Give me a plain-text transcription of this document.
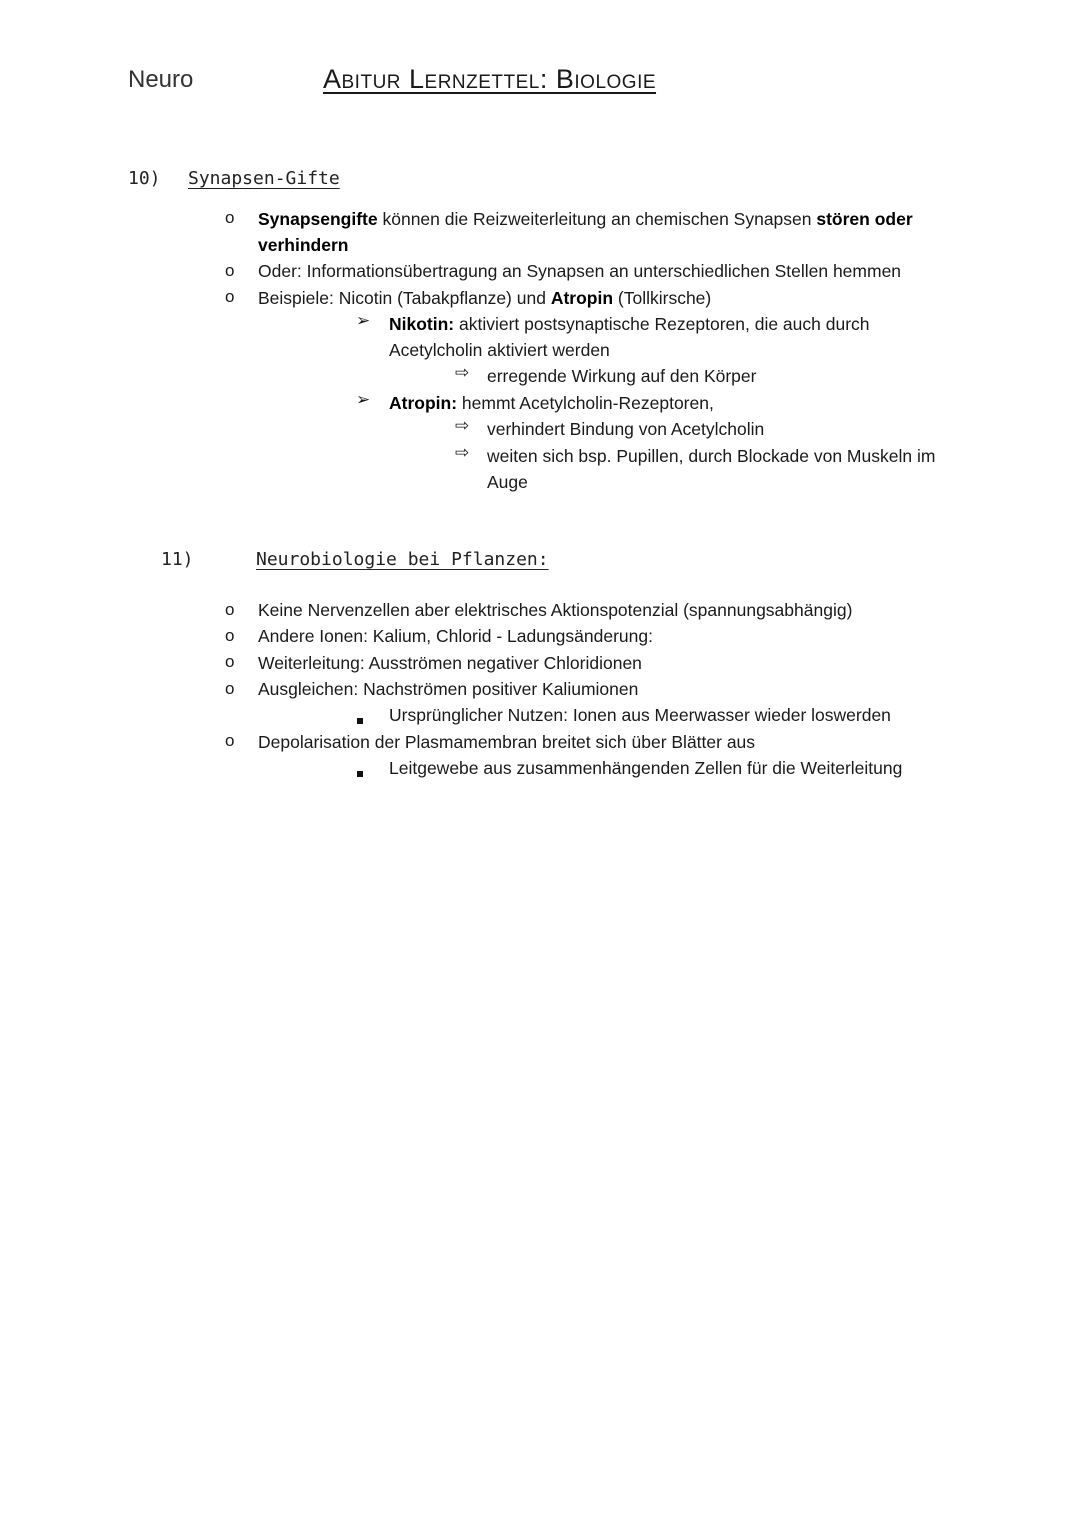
Neuro	Abitur Lernzettel: Biologie
10) Synapsen-Gifte
o Synapsengifte können die Reizweiterleitung an chemischen Synapsen stören oder
verhindern
o Oder: Informationsübertragung an Synapsen an unterschiedlichen Stellen hemmen
o Beispiele: Nicotin (Tabakpflanze) und Atropin (Tollkirsche)
➢ Nikotin: aktiviert postsynaptische Rezeptoren, die auch durch
Acetylcholin aktiviert werden
⇨ erregende Wirkung auf den Körper
➢ Atropin: hemmt Acetylcholin-Rezeptoren,
⇨ verhindert Bindung von Acetylcholin
⇨ weiten sich bsp. Pupillen, durch Blockade von Muskeln im
Auge
11)	Neurobiologie bei Pflanzen:
o Keine Nervenzellen aber elektrisches Aktionspotenzial (spannungsabhängig)
o Andere Ionen: Kalium, Chlorid - Ladungsänderung:
o Weiterleitung: Ausströmen negativer Chloridionen
o Ausgleichen: Nachströmen positiver Kaliumionen
Ursprünglicher Nutzen: Ionen aus Meerwasser wieder loswerden
o Depolarisation der Plasmamembran breitet sich über Blätter aus
Leitgewebe aus zusammenhängenden Zellen für die Weiterleitung
